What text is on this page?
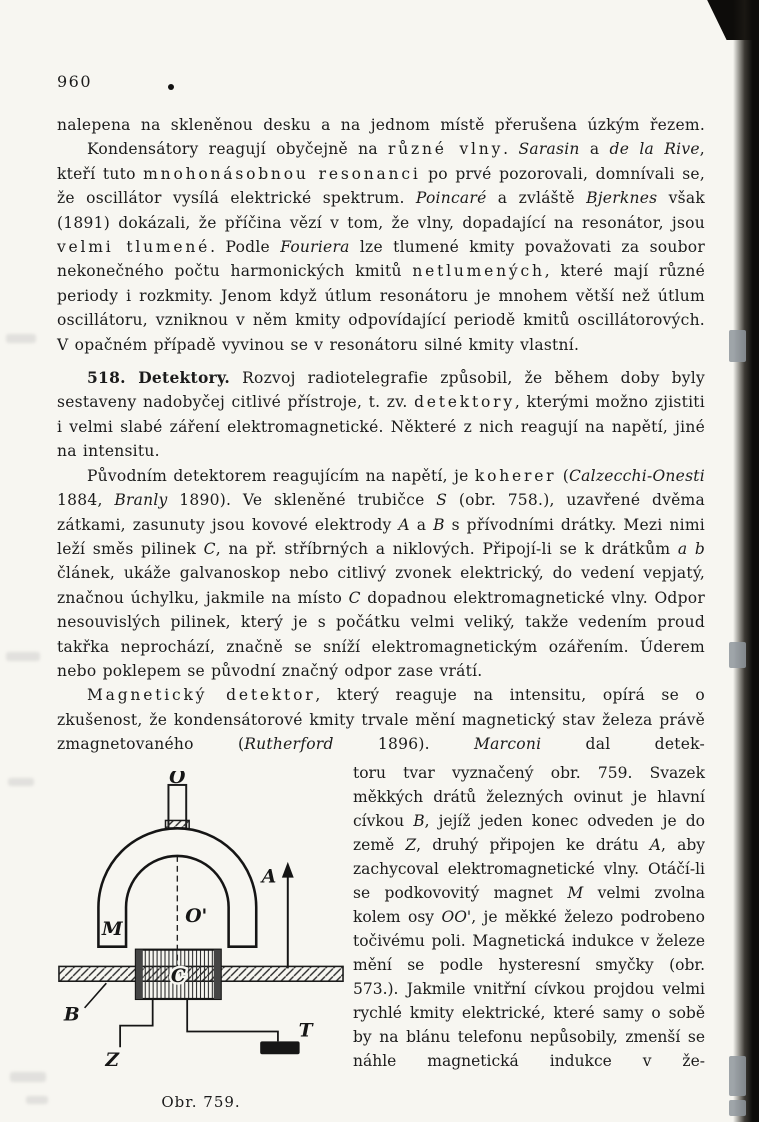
960

nalepena na skleněnou desku a na jednom místě přerušena úzkým řezem.

Kondensátory reagují obyčejně na různé vlny. Sarasin a de la Rive, kteří tuto mnohonásobnou resonanci po prvé pozorovali, domnívali se, že oscillátor vysílá elektrické spektrum. Poincaré a zvláště Bjerknes však (1891) dokázali, že příčina vězí v tom, že vlny, dopadající na resonátor, jsou velmi tlumené. Podle Fouriera lze tlumené kmity považovati za soubor nekonečného počtu harmonických kmitů netlumených, které mají různé periody i rozkmity. Jenom když útlum resonátoru je mnohem větší než útlum oscillátoru, vzniknou v něm kmity odpovídající periodě kmitů oscillátorových. V opačném případě vyvinou se v resonátoru silné kmity vlastní.

518. Detektory. Rozvoj radiotelegrafie způsobil, že během doby byly sestaveny nadobyčej citlivé přístroje, t. zv. detektory, kterými možno zjistiti i velmi slabé záření elektromagnetické. Některé z nich reagují na napětí, jiné na intensitu.

Původním detektorem reagujícím na napětí, je koherer (Calzecchi-Onesti 1884, Branly 1890). Ve skleněné trubičce S (obr. 758.), uzavřené dvěma zátkami, zasunuty jsou kovové elektrody A a B s přívodními drátky. Mezi nimi leží směs pilinek C, na př. stříbrných a niklových. Připojí-li se k drátkům a b článek, ukáže galvanoskop nebo citlivý zvonek elektrický, do vedení vepjatý, značnou úchylku, jakmile na místo C dopadnou elektromagnetické vlny. Odpor nesouvislých pilinek, který je s počátku velmi veliký, takže vedením proud takřka neprochází, značně se sníží elektromagnetickým ozářením. Úderem nebo poklepem se původní značný odpor zase vrátí.

Magnetický detektor, který reaguje na intensitu, opírá se o zkušenost, že kondensátorové kmity trvale mění magnetický stav železa právě zmagnetovaného (Rutherford 1896). Marconi dal detek-

O
O'
M
A
C
B
Z
T
Obr. 759.

toru tvar vyznačený obr. 759. Svazek měkkých drátů železných ovinut je hlavní cívkou B, jejíž jeden konec odveden je do země Z, druhý připojen ke drátu A, aby zachycoval elektromagnetické vlny. Otáčí-li se podkovovitý magnet M velmi zvolna kolem osy OO', je měkké železo podrobeno točivému poli. Magnetická indukce v železe mění se podle hysteresní smyčky (obr. 573.). Jakmile vnitřní cívkou projdou velmi rychlé kmity elektrické, které samy o sobě by na blánu telefonu nepůsobily, zmenší se náhle magnetická indukce v že-
